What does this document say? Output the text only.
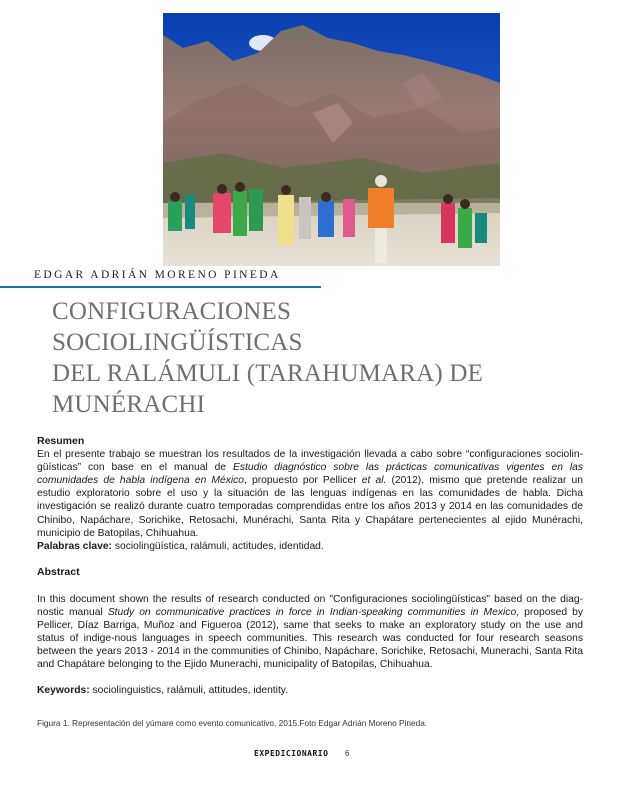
EDGAR ADRIÁN MORENO PINEDA
CONFIGURACIONES
SOCIOLINGÜÍSTICAS
DEL RALÁMULI (TARAHUMARA) DE
MUNÉRACHI
Resumen
En el presente trabajo se muestran los resultados de la investigación llevada a cabo sobre “configuraciones sociolin-güísticas” con base en el manual de Estudio diagnóstico sobre las prácticas comunicativas vigentes en las comunidades de habla indígena en México, propuesto por Pellicer et al. (2012), mismo que pretende realizar un estudio exploratorio sobre el uso y la situación de las lenguas indígenas en las comunidades de habla. Dicha investigación se realizó durante cuatro temporadas comprendidas entre los años 2013 y 2014 en las comunidades de Chinibo, Napáchare, Sorichike, Retosachi, Munérachi, Santa Rita y Chapátare pertenecientes al ejido Munérachi, municipio de Batopilas, Chihuahua.
Palabras clave: sociolingüística, ralámuli, actitudes, identidad.
Abstract
In this document shown the results of research conducted on "Configuraciones sociolingüísticas" based on the diag-nostic manual Study on communicative practices in force in Indian-speaking communities in Mexico, proposed by Pellicer, Díaz Barriga, Muñoz and Figueroa (2012), same that seeks to make an exploratory study on the use and status of indige-nous languages in speech communities. This research was conducted for four research seasons between the years 2013 - 2014 in the communities of Chinibo, Napáchare, Sorichike, Retosachi, Munerachi, Santa Rita and Chapátare belonging to the Ejido Munerachi, municipality of Batopilas, Chihuahua.
Keywords: sociolinguistics, ralámuli, attitudes, identity.
Figura 1. Representación del yúmare como evento comunicativo, 2015.Foto Edgar Adrián Moreno Pineda.
EXPEDICIONARIO 6
